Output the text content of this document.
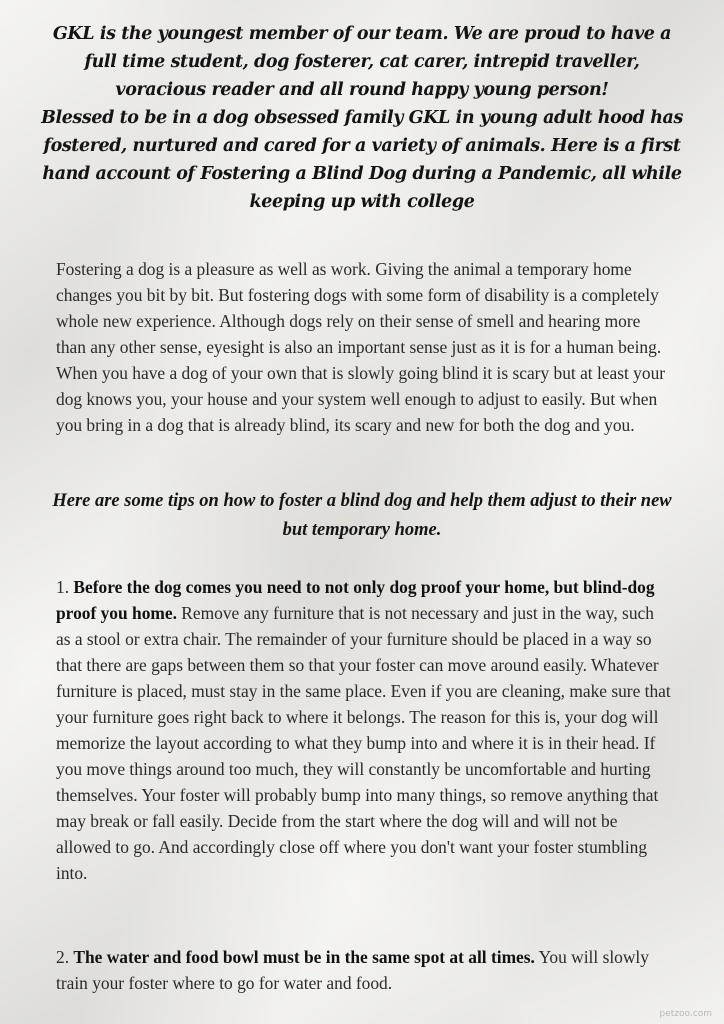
GKL is the youngest member of our team. We are proud to have a full time student, dog fosterer, cat carer, intrepid traveller, voracious reader and all round happy young person!

Blessed to be in a dog obsessed family GKL in young adult hood has fostered, nurtured and cared for a variety of animals. Here is a first hand account of Fostering a Blind Dog during a Pandemic, all while keeping up with college

Fostering a dog is a pleasure as well as work. Giving the animal a temporary home changes you bit by bit. But fostering dogs with some form of disability is a completely whole new experience. Although dogs rely on their sense of smell and hearing more than any other sense, eyesight is also an important sense just as it is for a human being. When you have a dog of your own that is slowly going blind it is scary but at least your dog knows you, your house and your system well enough to adjust to easily. But when you bring in a dog that is already blind, its scary and new for both the dog and you.

Here are some tips on how to foster a blind dog and help them adjust to their new but temporary home.

1. Before the dog comes you need to not only dog proof your home, but blind-dog proof you home. Remove any furniture that is not necessary and just in the way, such as a stool or extra chair. The remainder of your furniture should be placed in a way so that there are gaps between them so that your foster can move around easily. Whatever furniture is placed, must stay in the same place. Even if you are cleaning, make sure that your furniture goes right back to where it belongs. The reason for this is, your dog will memorize the layout according to what they bump into and where it is in their head. If you move things around too much, they will constantly be uncomfortable and hurting themselves. Your foster will probably bump into many things, so remove anything that may break or fall easily. Decide from the start where the dog will and will not be allowed to go. And accordingly close off where you don't want your foster stumbling into.

2. The water and food bowl must be in the same spot at all times. You will slowly train your foster where to go for water and food.

petzoo.com
